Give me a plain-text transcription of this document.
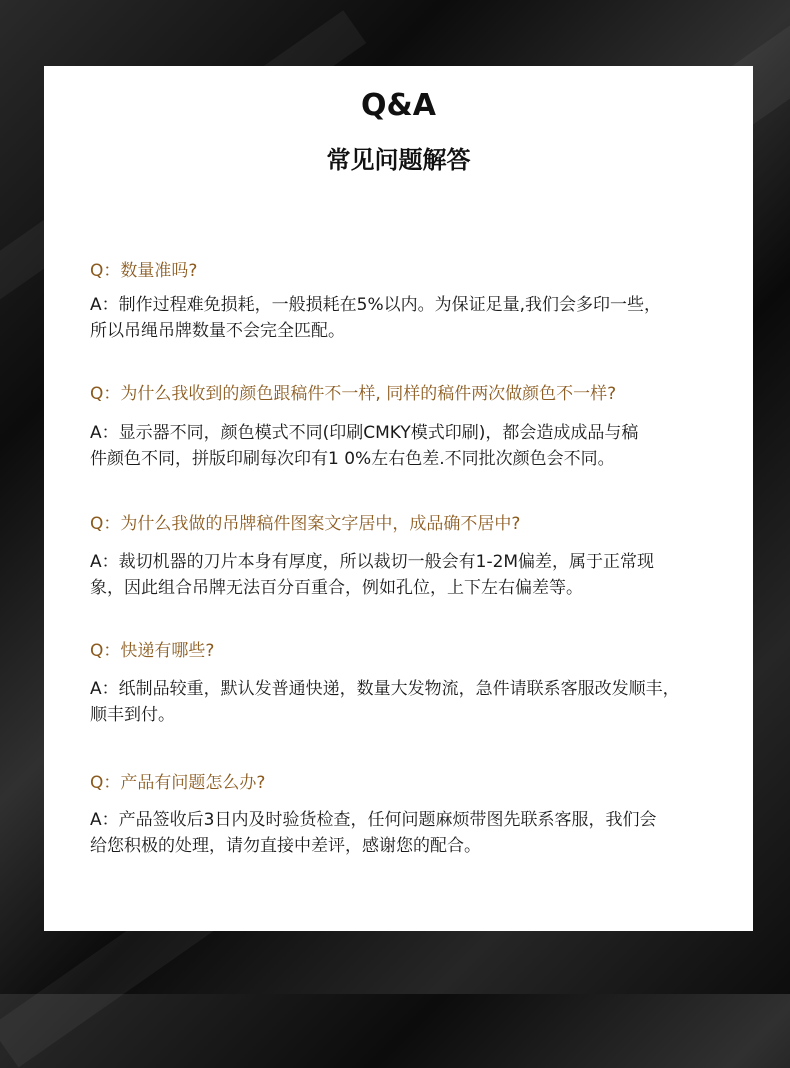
Q&A
常见问题解答
Q：数量准吗?
A：制作过程难免损耗，一般损耗在5%以内。为保证足量,我们会多印一些，
所以吊绳吊牌数量不会完全匹配。
Q：为什么我收到的颜色跟稿件不一样, 同样的稿件两次做颜色不一样?
A：显示器不同，颜色模式不同(印刷CMKY模式印刷)，都会造成成品与稿
件颜色不同，拼版印刷每次印有1 0%左右色差.不同批次颜色会不同。
Q：为什么我做的吊牌稿件图案文字居中，成品确不居中?
A：裁切机器的刀片本身有厚度，所以裁切一般会有1-2M偏差，属于正常现
象，因此组合吊牌无法百分百重合，例如孔位，上下左右偏差等。
Q：快递有哪些?
A：纸制品较重，默认发普通快递，数量大发物流，急件请联系客服改发顺丰，
顺丰到付。
Q：产品有问题怎么办?
A：产品签收后3日内及时验货检查，任何问题麻烦带图先联系客服，我们会
给您积极的处理，请勿直接中差评，感谢您的配合。
